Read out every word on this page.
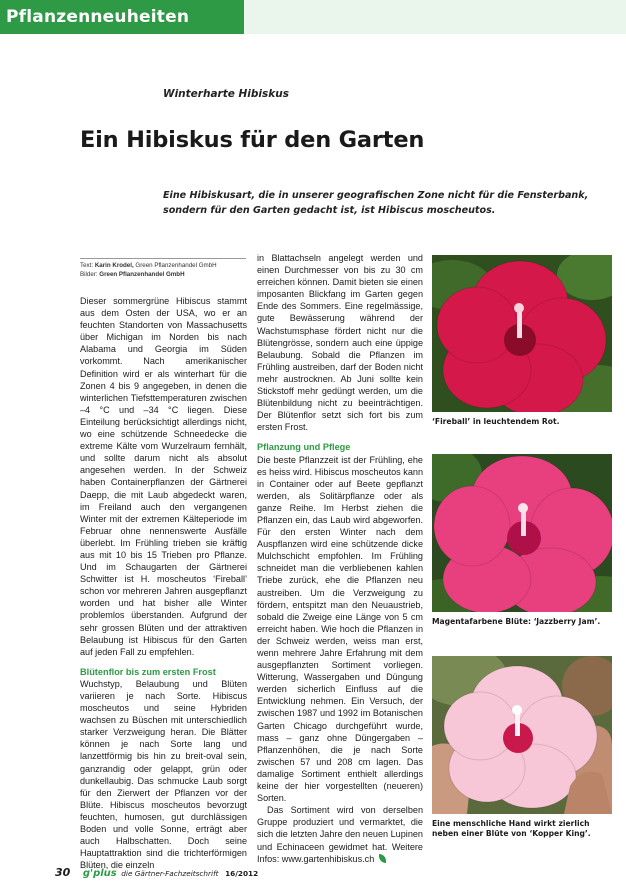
Pflanzenneuheiten
Winterharte Hibiskus
Ein Hibiskus für den Garten
Eine Hibiskusart, die in unserer geografischen Zone nicht für die Fensterbank, sondern für den Garten gedacht ist, ist Hibiscus moscheutos.
Text: Karin Krodel, Green Pflanzenhandel GmbH
Bilder: Green Pflanzenhandel GmbH

Dieser sommergrüne Hibiscus stammt aus dem Osten der USA, wo er an feuchten Standorten von Massachusetts über Michigan im Norden bis nach Alabama und Georgia im Süden vorkommt. Nach amerikanischer Definition wird er als winterhart für die Zonen 4 bis 9 angegeben, in denen die winterlichen Tiefsttemperaturen zwischen –4 °C und –34 °C liegen. Diese Einteilung berücksichtigt allerdings nicht, wo eine schützende Schneedecke die extreme Kälte vom Wurzelraum fernhält, und sollte darum nicht als absolut angesehen werden. In der Schweiz haben Containerpflanzen der Gärtnerei Daepp, die mit Laub abgedeckt waren, im Freiland auch den vergangenen Winter mit der extremen Kälteperiode im Februar ohne nennenswerte Ausfälle überlebt. Im Frühling trieben sie kräftig aus mit 10 bis 15 Trieben pro Pflanze. Und im Schaugarten der Gärtnerei Schwitter ist H. moscheutos ‘Fireball’ schon vor mehreren Jahren ausgepflanzt worden und hat bisher alle Winter problemlos überstanden. Aufgrund der sehr grossen Blüten und der attraktiven Belaubung ist Hibiscus für den Garten auf jeden Fall zu empfehlen.

Blütenflor bis zum ersten Frost

Wuchstyp, Belaubung und Blüten variieren je nach Sorte. Hibiscus moscheutos und seine Hybriden wachsen zu Büschen mit unterschiedlich starker Verzweigung heran. Die Blätter können je nach Sorte lang und lanzettförmig bis hin zu breit-oval sein, ganzrandig oder gelappt, grün oder dunkellaubig. Das schmucke Laub sorgt für den Zierwert der Pflanzen vor der Blüte. Hibiscus moscheutos bevorzugt feuchten, humosen, gut durchlässigen Boden und volle Sonne, erträgt aber auch Halbschatten. Doch seine Hauptattraktion sind die trichterförmigen Blüten, die einzeln

in Blattachseln angelegt werden und einen Durchmesser von bis zu 30 cm erreichen können. Damit bieten sie einen imposanten Blickfang im Garten gegen Ende des Sommers. Eine regelmässige, gute Bewässerung während der Wachstumsphase fördert nicht nur die Blütengrösse, sondern auch eine üppige Belaubung. Sobald die Pflanzen im Frühling austreiben, darf der Boden nicht mehr austrocknen. Ab Juni sollte kein Stickstoff mehr gedüngt werden, um die Blütenbildung nicht zu beeinträchtigen. Der Blütenflor setzt sich fort bis zum ersten Frost.

Pflanzung und Pflege

Die beste Pflanzzeit ist der Frühling, ehe es heiss wird. Hibiscus moscheutos kann in Container oder auf Beete gepflanzt werden, als Solitärpflanze oder als ganze Reihe. Im Herbst ziehen die Pflanzen ein, das Laub wird abgeworfen. Für den ersten Winter nach dem Auspflanzen wird eine schützende dicke Mulchschicht empfohlen. Im Frühling schneidet man die verbliebenen kahlen Triebe zurück, ehe die Pflanzen neu austreiben. Um die Verzweigung zu fördern, entspitzt man den Neuaustrieb, sobald die Zweige eine Länge von 5 cm erreicht haben. Wie hoch die Pflanzen in der Schweiz werden, weiss man erst, wenn mehrere Jahre Erfahrung mit dem ausgepflanzten Sortiment vorliegen. Witterung, Wassergaben und Düngung werden sicherlich Einfluss auf die Entwicklung nehmen. Ein Versuch, der zwischen 1987 und 1992 im Botanischen Garten Chicago durchgeführt wurde, mass – ganz ohne Düngergaben – Pflanzenhöhen, die je nach Sorte zwischen 57 und 208 cm lagen. Das damalige Sortiment enthielt allerdings keine der hier vorgestellten (neueren) Sorten.

Das Sortiment wird von derselben Gruppe produziert und vermarktet, die sich die letzten Jahre den neuen Lupinen und Echinaceen gewidmet hat. Weitere Infos: www.gartenhibiskus.ch

‘Fireball’ in leuchtendem Rot.
Magentafarbene Blüte: ‘Jazzberry Jam’.
Eine menschliche Hand wirkt zierlich neben einer Blüte von ‘Kopper King’.
30 g'plus die Gärtner-Fachzeitschrift 16/2012
